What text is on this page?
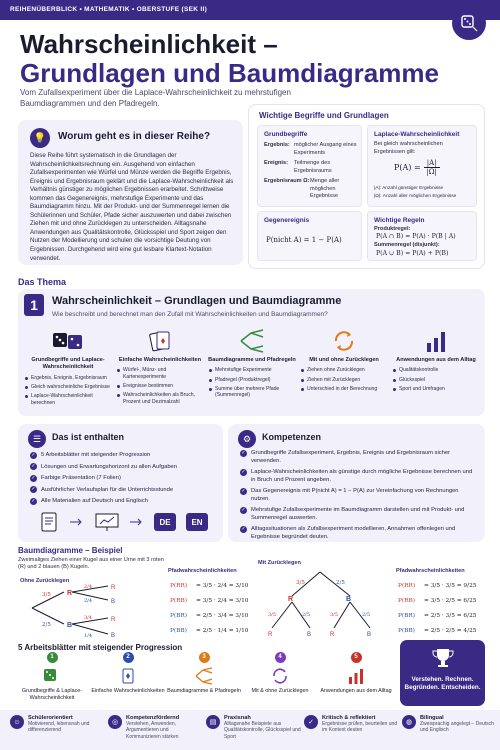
REIHENÜBERBLICK • MATHEMATIK • OBERSTUFE (SEK II)
Wahrscheinlichkeit –
Grundlagen und Baumdiagramme
Vom Zufallsexperiment über die Laplace-Wahrscheinlichkeit zu mehrstufigen Baumdiagrammen und den Pfadregeln.
💡	Worum geht es in dieser Reihe?
Diese Reihe führt systematisch in die Grundlagen der Wahrscheinlichkeitsrechnung ein. Ausgehend von einfachen Zufallsexperimenten wie Würfel und Münze werden die Begriffe Ergebnis, Ereignis und Ergebnisraum geklärt und die Laplace-Wahrscheinlichkeit als Verhältnis günstiger zu möglichen Ergebnissen erarbeitet. Schrittweise kommen das Gegenereignis, mehrstufige Experimente und das Baumdiagramm hinzu. Mit der Produkt- und der Summenregel lernen die Schülerinnen und Schüler, Pfade sicher auszuwerten und dabei zwischen Ziehen mit und ohne Zurücklegen zu unterscheiden. Alltagsnahe Anwendungen aus Qualitätskontrolle, Glücksspiel und Sport zeigen den Nutzen der Modellierung und schulen die vorsichtige Deutung von Ergebnissen. Durchgehend wird eine gut lesbare Klartext-Notation verwendet.
Wichtige Begriffe und Grundlagen
Grundbegriffe
Ergebnis: möglicher Ausgang eines Experiments
Ereignis:	Teilmenge des Ergebnisraums
Ergebnisraum Ω: Menge aller möglichen Ergebnisse
Laplace-Wahrscheinlichkeit
Bei gleich wahrscheinlichen Ergebnissen gilt:
P(A) = |A|
|Ω|
|A|: Anzahl günstiger Ergebnisse
|Ω|: Anzahl aller möglichen Ergebnisse
Gegenereignis
P(nicht A) = 1 − P(A)
Wichtige Regeln
Produktregel:
P(A ∩ B) = P(A) · P(B | A)
Summenregel (disjunkt):
P(A ∪ B) = P(A) + P(B)
Das Thema
1	Wahrscheinlichkeit – Grundlagen und Baumdiagramme
Wie beschreibt und berechnet man den Zufall mit Wahrscheinlichkeiten und Baumdiagrammen?
Grundbegriffe und Laplace-Wahrscheinlichkeit
Ergebnis, Ereignis, Ergebnisraum
Gleich wahrscheinliche Ergebnisse
Laplace-Wahrscheinlichkeit berechnen
Einfache Wahrscheinlichkeiten
Würfel-, Münz- und Kartenexperimente
Ereignisse bestimmen
Wahrscheinlichkeiten als Bruch, Prozent und Dezimalzahl
Baumdiagramme und Pfadregeln
Mehrstufige Experimente
Pfadregel (Produktregel)
Summe über mehrere Pfade (Summenregel)
Mit und ohne Zurücklegen
Ziehen ohne Zurücklegen
Ziehen mit Zurücklegen
Unterschied in der Berechnung
Anwendungen aus dem Alltag
Qualitätskontrolle
Glücksspiel
Sport und Umfragen
☰	Das ist enthalten
✓ 5 Arbeitsblätter mit steigender Progression
✓ Lösungen und Erwartungshorizont zu allen Aufgaben
✓ Farbige Präsentation (7 Folien)
✓ Ausführlicher Verlaufsplan für die Unterrichtsstunde
✓ Alle Materialien auf Deutsch und Englisch
DE	EN
⚙	Kompetenzen
✓ Grundbegriffe Zufallsexperiment, Ergebnis, Ereignis und Ergebnisraum sicher verwenden.
✓ Laplace-Wahrscheinlichkeiten als günstige durch mögliche Ergebnisse berechnen und in Bruch und Prozent angeben.
✓ Das Gegenereignis mit P(nicht A) = 1 − P(A) zur Vereinfachung von Rechnungen nutzen.
✓ Mehrstufige Zufallsexperimente im Baumdiagramm darstellen und mit Produkt- und Summenregel auswerten.
✓ Alltagssituationen als Zufallsexperiment modellieren, Annahmen offenlegen und Ergebnisse begründet deuten.
Baumdiagramme – Beispiel
Zweimaliges Ziehen einer Kugel aus einer Urne mit 3 roten (R) und 2 blauen (B) Kugeln.
Ohne Zurücklegen
R
B
R
B
R
B
3/5
2/5
2/4
2/4
3/4
1/4
Pfadwahrscheinlichkeiten
P(RR)	= 3/5 · 2/4 = 3/10
P(RB)	= 3/5 · 2/4 = 3/10
P(BR)	= 2/5 · 3/4 = 3/10
P(BB)	= 2/5 · 1/4 = 1/10
Mit Zurücklegen
R	B
R	B	R	B
3/5	2/5
3/5	2/5	3/5	2/5
Pfadwahrscheinlichkeiten
P(RR)	= 3/5 · 3/5 = 9/25
P(RB)	= 3/5 · 2/5 = 6/25
P(BR)	= 2/5 · 3/5 = 6/25
P(BB)	= 2/5 · 2/5 = 4/25
5 Arbeitsblätter mit steigender Progression
1
Grundbegriffe & Laplace-Wahrscheinlichkeit
2
Einfache Wahrscheinlichkeiten
3
Baumdiagramme & Pfadregeln
4
Mit & ohne Zurücklegen
5
Anwendungen aus dem Alltag
Verstehen. Rechnen. Begründen. Entscheiden.
☺
Schülerorientiert
Motivierend, lebensnah und differenzierend
◎
Kompetenzfördernd
Verstehen, Anwenden, Argumentieren und Kommunizieren stärken
▤
Praxisnah
Alltagsnahe Beispiele aus Qualitätskontrolle, Glücksspiel und Sport
✓
Kritisch & reflektiert
Ergebnisse prüfen, beurteilen und im Kontext deuten
◍
Bilingual
Zweisprachig angelegt – Deutsch und Englisch
